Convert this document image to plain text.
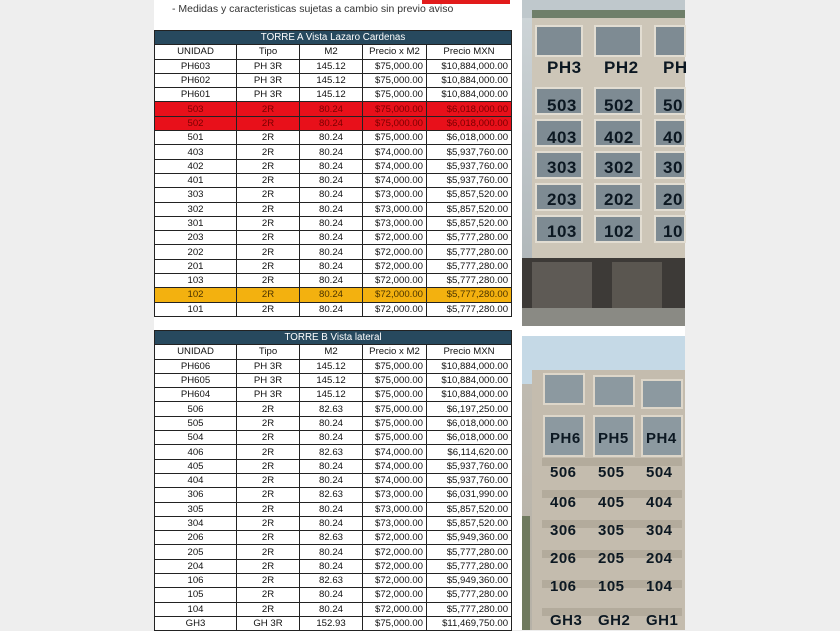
- Medidas y caracteristicas sujetas a cambio sin previo aviso
TORRE A Vista Lazaro Cardenas				
UNIDAD	Tipo	M2	Precio x M2	Precio MXN
PH603	PH 3R	145.12	$75,000.00	$10,884,000.00
PH602	PH 3R	145.12	$75,000.00	$10,884,000.00
PH601	PH 3R	145.12	$75,000.00	$10,884,000.00
503	2R	80.24	$75,000.00	$6,018,000.00
502	2R	80.24	$75,000.00	$6,018,000.00
501	2R	80.24	$75,000.00	$6,018,000.00
403	2R	80.24	$74,000.00	$5,937,760.00
402	2R	80.24	$74,000.00	$5,937,760.00
401	2R	80.24	$74,000.00	$5,937,760.00
303	2R	80.24	$73,000.00	$5,857,520.00
302	2R	80.24	$73,000.00	$5,857,520.00
301	2R	80.24	$73,000.00	$5,857,520.00
203	2R	80.24	$72,000.00	$5,777,280.00
202	2R	80.24	$72,000.00	$5,777,280.00
201	2R	80.24	$72,000.00	$5,777,280.00
103	2R	80.24	$72,000.00	$5,777,280.00
102	2R	80.24	$72,000.00	$5,777,280.00
101	2R	80.24	$72,000.00	$5,777,280.00
TORRE B Vista lateral				
UNIDAD	Tipo	M2	Precio x M2	Precio MXN
PH606	PH 3R	145.12	$75,000.00	$10,884,000.00
PH605	PH 3R	145.12	$75,000.00	$10,884,000.00
PH604	PH 3R	145.12	$75,000.00	$10,884,000.00
506	2R	82.63	$75,000.00	$6,197,250.00
505	2R	80.24	$75,000.00	$6,018,000.00
504	2R	80.24	$75,000.00	$6,018,000.00
406	2R	82.63	$74,000.00	$6,114,620.00
405	2R	80.24	$74,000.00	$5,937,760.00
404	2R	80.24	$74,000.00	$5,937,760.00
306	2R	82.63	$73,000.00	$6,031,990.00
305	2R	80.24	$73,000.00	$5,857,520.00
304	2R	80.24	$73,000.00	$5,857,520.00
206	2R	82.63	$72,000.00	$5,949,360.00
205	2R	80.24	$72,000.00	$5,777,280.00
204	2R	80.24	$72,000.00	$5,777,280.00
106	2R	82.63	$72,000.00	$5,949,360.00
105	2R	80.24	$72,000.00	$5,777,280.00
104	2R	80.24	$72,000.00	$5,777,280.00
GH3	GH 3R	152.93	$75,000.00	$11,469,750.00
PH3 PH2 PH
503 502 50
403 402 40
303 302 30
203 202 20
103 102 10
PH6 PH5 PH4
506 505 504
406 405 404
306 305 304
206 205 204
106 105 104
GH3 GH2 GH1
